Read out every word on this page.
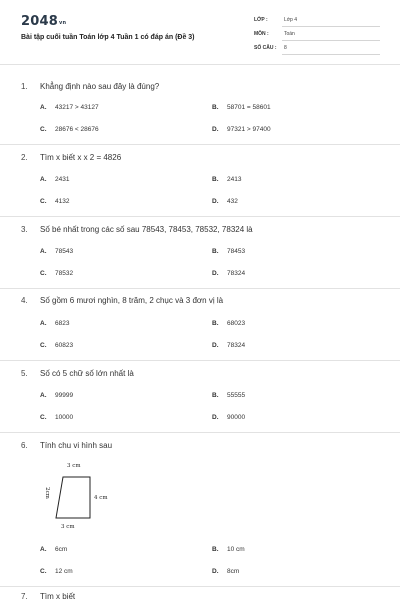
$2048^{vn}$
Bài tập cuối tuần Toán lớp 4 Tuần 1 có đáp án (Đề 3)
LỚP :	Lớp 4
MÔN :	Toán
SỐ CÂU : 8
1. Khẳng định nào sau đây là đúng?
A. 43217 > 43127	B. 58701 = 58601
C. 28676 < 28676	D. 97321 > 97400
2. Tìm x biết x x 2 = 4826
A. 2431	B. 2413
C. 4132	D. 432
3. Số bé nhất trong các số sau 78543, 78453, 78532, 78324 là
A. 78543	B. 78453
C. 78532	D. 78324
4. Số gồm 6 mươi nghìn, 8 trăm, 2 chục và 3 đơn vị là
A. 6823	B. 68023
C. 60823	D. 78324
5. Số có 5 chữ số lớn nhất là
A. 99999	B. 55555
C. 10000	D. 90000
6. Tính chu vi hình sau
3 cm
2cm	4 cm
3 cm
A. 6cm	B. 10 cm
C. 12 cm	D. 8cm
7. Tìm x biết
